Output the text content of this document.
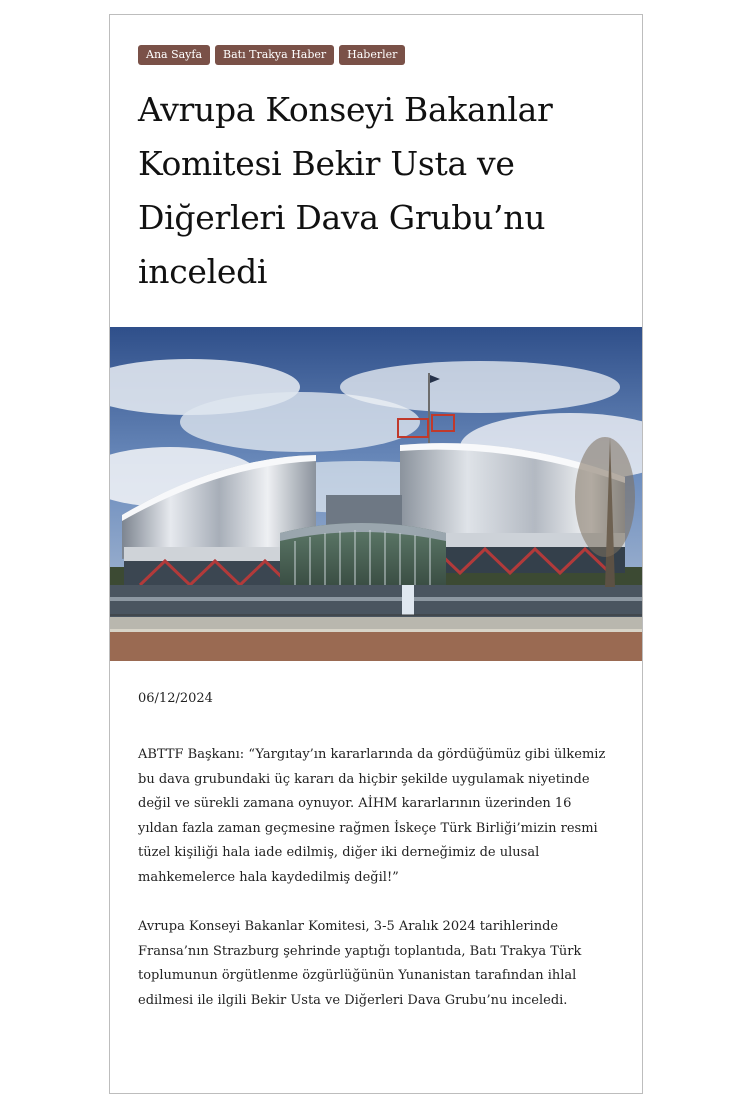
Ana Sayfa	Batı Trakya Haber	Haberler
Avrupa Konseyi Bakanlar Komitesi Bekir Usta ve Diğerleri Dava Grubu’nu inceledi
06/12/2024

ABTTF Başkanı: “Yargıtay’ın kararlarında da gördüğümüz gibi ülkemiz bu dava grubundaki üç kararı da hiçbir şekilde uygulamak niyetinde değil ve sürekli zamana oynuyor. AİHM kararlarının üzerinden 16 yıldan fazla zaman geçmesine rağmen İskeçe Türk Birliği’mizin resmi tüzel kişiliği hala iade edilmiş, diğer iki derneğimiz de ulusal mahkemelerce hala kaydedilmiş değil!”

Avrupa Konseyi Bakanlar Komitesi, 3-5 Aralık 2024 tarihlerinde Fransa’nın Strazburg şehrinde yaptığı toplantıda, Batı Trakya Türk toplumunun örgütlenme özgürlüğünün Yunanistan tarafından ihlal edilmesi ile ilgili Bekir Usta ve Diğerleri Dava Grubu’nu inceledi.
